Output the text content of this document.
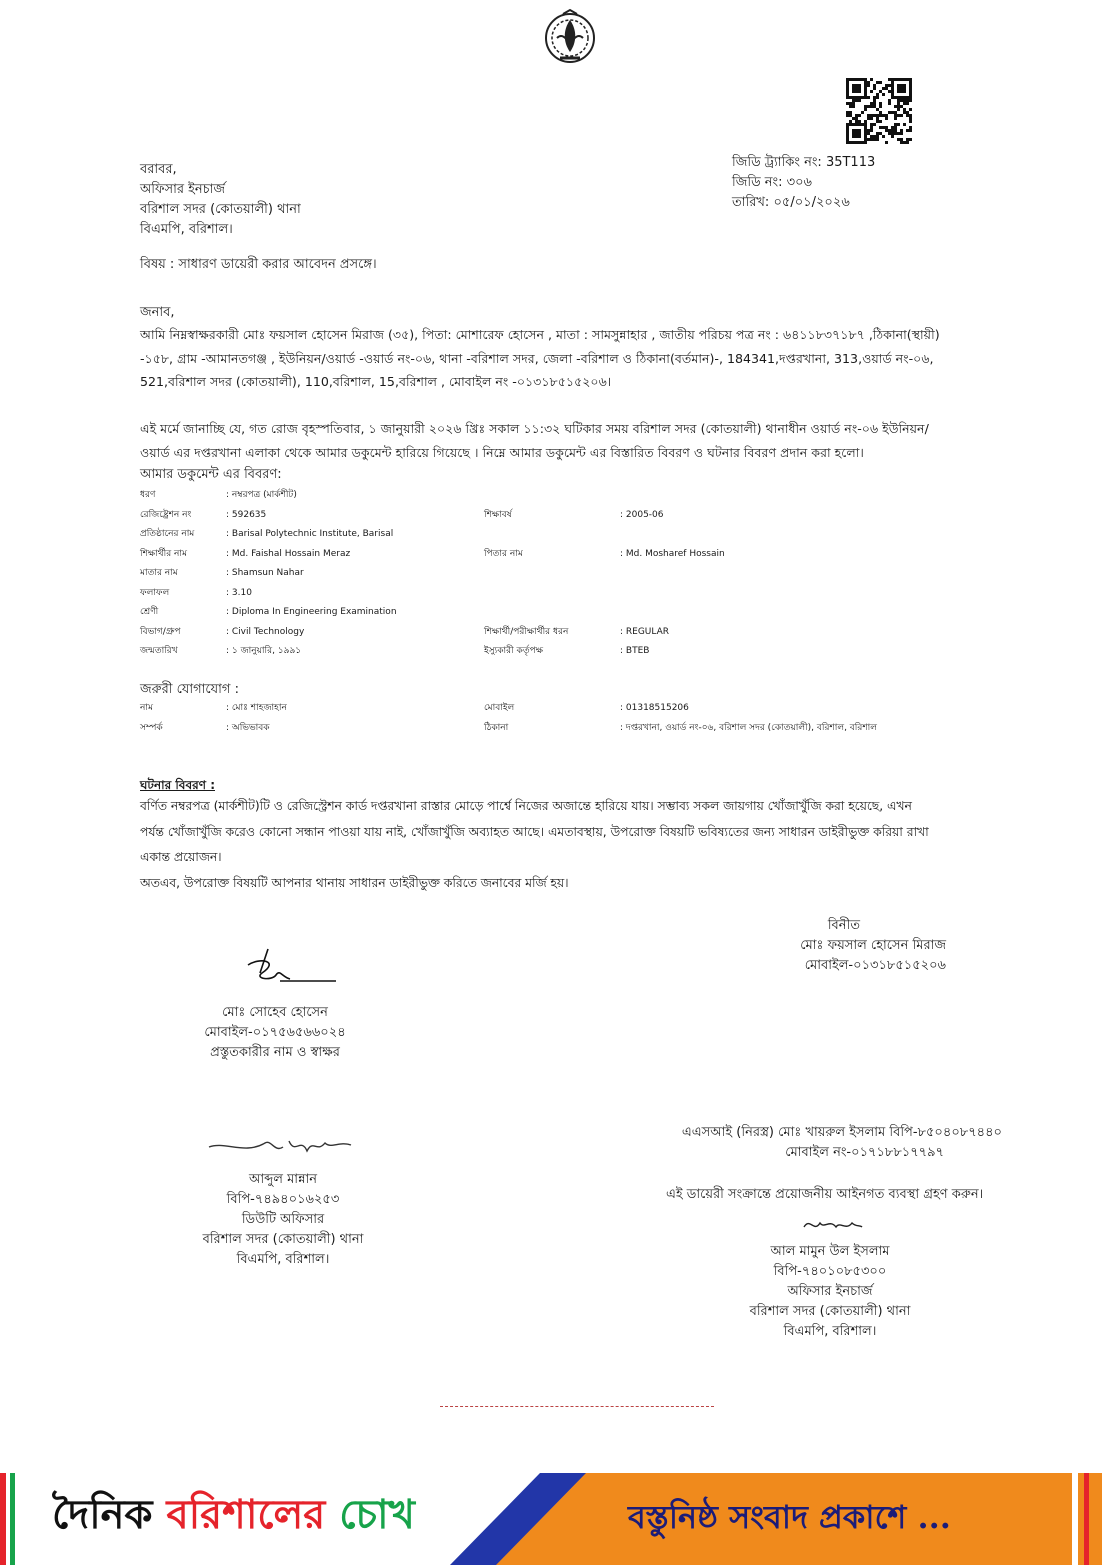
বরাবর,
অফিসার ইনচার্জ
বরিশাল সদর (কোতয়ালী) থানা
বিএমপি, বরিশাল।
জিডি ট্র্যাকিং নং: 35T113
জিডি নং: ৩০৬
তারিখ: ০৫/০১/২০২৬
বিষয় : সাধারণ ডায়েরী করার আবেদন প্রসঙ্গে।
জনাব,
আমি নিম্নস্বাক্ষরকারী মোঃ ফয়সাল হোসেন মিরাজ (৩৫), পিতা: মোশারেফ হোসেন , মাতা : সামসুন্নাহার , জাতীয় পরিচয় পত্র নং : ৬৪১১৮৩৭১৮৭ ,ঠিকানা(স্থায়ী)
-১৫৮, গ্রাম -আমানতগঞ্জ , ইউনিয়ন/ওয়ার্ড -ওয়ার্ড নং-০৬, থানা -বরিশাল সদর, জেলা -বরিশাল ও ঠিকানা(বর্তমান)-, 184341,দপ্তরখানা, 313,ওয়ার্ড নং-০৬,
521,বরিশাল সদর (কোতয়ালী), 110,বরিশাল, 15,বরিশাল , মোবাইল নং -০১৩১৮৫১৫২০৬।
এই মর্মে জানাচ্ছি যে, গত রোজ বৃহস্পতিবার, ১ জানুয়ারী ২০২৬ খ্রিঃ সকাল ১১:৩২ ঘটিকার সময় বরিশাল সদর (কোতয়ালী) থানাধীন ওয়ার্ড নং-০৬ ইউনিয়ন/
ওয়ার্ড এর দপ্তরখানা এলাকা থেকে আমার ডকুমেন্ট হারিয়ে গিয়েছে । নিম্নে আমার ডকুমেন্ট এর বিস্তারিত বিবরণ ও ঘটনার বিবরণ প্রদান করা হলো।
আমার ডকুমেন্ট এর বিবরণ:
ধরণ	: নম্বরপত্র (মার্কশীট)
রেজিষ্ট্রেশন নং	: 592635	শিক্ষাবর্ষ	: 2005-06
প্রতিষ্ঠানের নাম	: Barisal Polytechnic Institute, Barisal
শিক্ষার্থীর নাম	: Md. Faishal Hossain Meraz	পিতার নাম	: Md. Mosharef Hossain
মাতার নাম	: Shamsun Nahar
ফলাফল	: 3.10
শ্রেণী	: Diploma In Engineering Examination
বিভাগ/গ্রুপ	: Civil Technology	শিক্ষার্থী/পরীক্ষার্থীর ধরন	: REGULAR
জন্মতারিখ	: ১ জানুয়ারি, ১৯৯১	ইস্যুকারী কর্তৃপক্ষ	: BTEB
জরুরী যোগাযোগ :
নাম	: মোঃ শাহজাহান	মোবাইল	: 01318515206
সম্পর্ক	: অভিভাবক	ঠিকানা	: দপ্তরখানা, ওয়ার্ড নং-০৬, বরিশাল সদর (কোতয়ালী), বরিশাল, বরিশাল
ঘটনার বিবরণ :
বর্ণিত নম্বরপত্র (মার্কশীট)টি ও রেজিস্ট্রেশন কার্ড দপ্তরখানা রাস্তার মোড়ে পার্শ্বে নিজের অজান্তে হারিয়ে যায়। সম্ভাব্য সকল জায়গায় খোঁজাখুঁজি করা হয়েছে, এখন
পর্যন্ত খোঁজাখুঁজি করেও কোনো সন্ধান পাওয়া যায় নাই, খোঁজাখুঁজি অব্যাহত আছে। এমতাবস্থায়, উপরোক্ত বিষয়টি ভবিষ্যতের জন্য সাধারন ডাইরীভুক্ত করিয়া রাখা
একান্ত প্রয়োজন।
অতএব, উপরোক্ত বিষয়টি আপনার থানায় সাধারন ডাইরীভুক্ত করিতে জনাবের মর্জি হয়।
বিনীত
মোঃ ফয়সাল হোসেন মিরাজ
মোবাইল-০১৩১৮৫১৫২০৬
মোঃ সোহেব হোসেন
মোবাইল-০১৭৫৬৫৬৬০২৪
প্রস্তুতকারীর নাম ও স্বাক্ষর
এএসআই (নিরস্ত্র) মোঃ খায়রুল ইসলাম বিপি-৮৫০৪০৮৭৪৪০
মোবাইল নং-০১৭১৮৮১৭৭৯৭
এই ডায়েরী সংক্রান্তে প্রয়োজনীয় আইনগত ব্যবস্থা গ্রহণ করুন।
আব্দুল মান্নান
বিপি-৭৪৯৪০১৬২৫৩
ডিউটি অফিসার
বরিশাল সদর (কোতয়ালী) থানা
বিএমপি, বরিশাল।
আল মামুন উল ইসলাম
বিপি-৭৪০১০৮৫৩০০
অফিসার ইনচার্জ
বরিশাল সদর (কোতয়ালী) থানা
বিএমপি, বরিশাল।
দৈনিক বরিশালের চোখ	বস্তুনিষ্ঠ সংবাদ প্রকাশে ...
